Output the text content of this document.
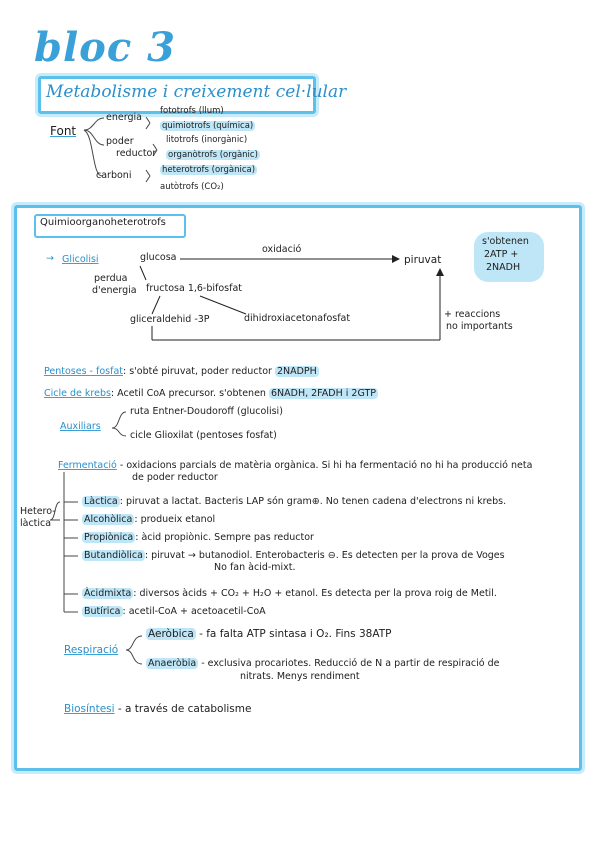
bloc 3
Metabolisme i creixement cel·lular
Font
energia
fototrofs (llum)
quimiotrofs (química)
poder
reductor
litotrofs (inorgànic)
organòtrofs (orgànic)
carboni	heterotrofs (orgànica)
autòtrofs (CO₂)
Quimioorganoheterotrofs
→ Glicolisi	glucosa
oxidació
piruvat
s'obtenen
2ATP +
2NADH
perdua
d'energia fructosa 1,6-bifosfat
gliceraldehid -3P	dihidroxiacetonafosfat	+ reaccions
no importants
Pentoses - fosfat: s'obté piruvat, poder reductor 2NADPH
Cicle de krebs: Acetil CoA precursor. s'obtenen 6NADH, 2FADH i 2GTP
Auxiliars
ruta Entner-Doudoroff (glucolisi)
cicle Glioxilat (pentoses fosfat)
Fermentació - oxidacions parcials de matèria orgànica. Si hi ha fermentació no hi ha producció neta
de poder reductor
Hetero-
làctica
Làctica : piruvat a lactat. Bacteris LAP són gram⊕. No tenen cadena d'electrons ni krebs.
Alcohòlica : produeix etanol
Propiònica : àcid propiònic. Sempre pas reductor
Butandiòlica : piruvat → butanodiol. Enterobacteris ⊖. Es detecten per la prova de Voges
No fan àcid-mixt.
Àcidmixta : diversos àcids + CO₂ + H₂O + etanol. Es detecta per la prova roig de Metil.
Butírica : acetil-CoA + acetoacetil-CoA
Respiració
Aeròbica - fa falta ATP sintasa i O₂. Fins 38ATP
Anaeròbia - exclusiva procariotes. Reducció de N a partir de respiració de
nitrats. Menys rendiment
Biosíntesi - a través de catabolisme
